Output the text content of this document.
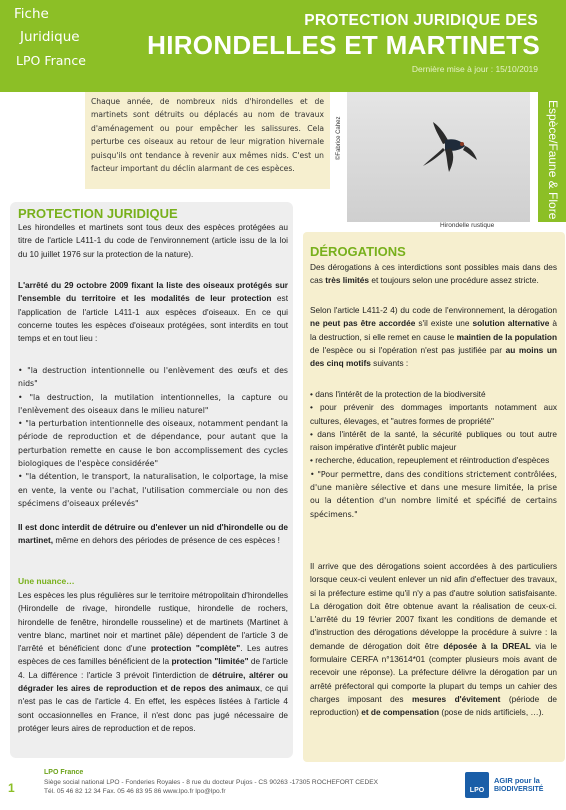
Fiche
Juridique
LPO France
PROTECTION JURIDIQUE DES
HIRONDELLES ET MARTINETS
Dernière mise à jour : 15/10/2019
Chaque année, de nombreux nids d'hirondelles et de martinets sont détruits ou déplacés au nom de travaux d'aménagement ou pour empêcher les salissures. Cela perturbe ces oiseaux au retour de leur migration hivernale puisqu'ils ont tendance à revenir aux mêmes nids. C'est un facteur important du déclin alarmant de ces espèces.
©Fabrice Cahez
Hirondelle rustique
Espèce/Faune & Flore
PROTECTION JURIDIQUE
Les hirondelles et martinets sont tous deux des espèces protégées au titre de l'article L411-1 du code de l'environnement (article issu de la loi du 10 juillet 1976 sur la protection de la nature).
L'arrêté du 29 octobre 2009 fixant la liste des oiseaux protégés sur l'ensemble du territoire et les modalités de leur protection est l'application de l'article L411-1 aux espèces d'oiseaux. En ce qui concerne toutes les espèces d'oiseaux protégées, sont interdits en tout temps et en tout lieu :
• "la destruction intentionnelle ou l'enlèvement des œufs et des nids"
• "la destruction, la mutilation intentionnelles, la capture ou l'enlèvement des oiseaux dans le milieu naturel"
• "la perturbation intentionnelle des oiseaux, notamment pendant la période de reproduction et de dépendance, pour autant que la perturbation remette en cause le bon accomplissement des cycles biologiques de l'espèce considérée"
• "la détention, le transport, la naturalisation, le colportage, la mise en vente, la vente ou l'achat, l'utilisation commerciale ou non des spécimens d'oiseaux prélevés"
Il est donc interdit de détruire ou d'enlever un nid d'hirondelle ou de martinet, même en dehors des périodes de présence de ces espèces !
Une nuance…
Les espèces les plus régulières sur le territoire métropolitain d'hirondelles (Hirondelle de rivage, hirondelle rustique, hirondelle de rochers, hirondelle de fenêtre, hirondelle rousseline) et de martinets (Martinet à ventre blanc, martinet noir et martinet pâle) dépendent de l'article 3 de l'arrêté et bénéficient donc d'une protection "complète". Les autres espèces de ces familles bénéficient de la protection "limitée" de l'article 4. La différence : l'article 3 prévoit l'interdiction de détruire, altérer ou dégrader les aires de reproduction et de repos des animaux, ce qui n'est pas le cas de l'article 4. En effet, les espèces listées à l'article 4 sont occasionnelles en France, il n'est donc pas jugé nécessaire de protéger leurs aires de reproduction et de repos.
DÉROGATIONS
Des dérogations à ces interdictions sont possibles mais dans des cas très limités et toujours selon une procédure assez stricte.
Selon l'article L411-2 4) du code de l'environnement, la dérogation ne peut pas être accordée s'il existe une solution alternative à la destruction, si elle remet en cause le maintien de la population de l'espèce ou si l'opération n'est pas justifiée par au moins un des cinq motifs suivants :
• dans l'intérêt de la protection de la biodiversité
• pour prévenir des dommages importants notamment aux cultures, élevages, et "autres formes de propriété"
• dans l'intérêt de la santé, la sécurité publiques ou tout autre raison impérative d'intérêt public majeur
• recherche, éducation, repeuplement et réintroduction d'espèces
• "Pour permettre, dans des conditions strictement contrôlées, d'une manière sélective et dans une mesure limitée, la prise ou la détention d'un nombre limité et spécifié de certains spécimens."
Il arrive que des dérogations soient accordées à des particuliers lorsque ceux-ci veulent enlever un nid afin d'effectuer des travaux, si la préfecture estime qu'il n'y a pas d'autre solution satisfaisante. La dérogation doit être obtenue avant la réalisation de ceux-ci. L'arrêté du 19 février 2007 fixant les conditions de demande et d'instruction des dérogations développe la procédure à suivre : la demande de dérogation doit être déposée à la DREAL via le formulaire CERFA n°13614*01 (compter plusieurs mois avant de recevoir une réponse). La préfecture délivre la dérogation par un arrêté préfectoral qui comporte la plupart du temps un cahier des charges imposant des mesures d'évitement (période de reproduction) et de compensation (pose de nids artificiels, …).
1
LPO France
Siège social national LPO - Fonderies Royales - 8 rue du docteur Pujos - CS 90263 -17305 ROCHEFORT CEDEX
Tél. 05 46 82 12 34 Fax. 05 46 83 95 86 www.lpo.fr lpo@lpo.fr	LPO
AGIR pour la
BIODIVERSITÉ
